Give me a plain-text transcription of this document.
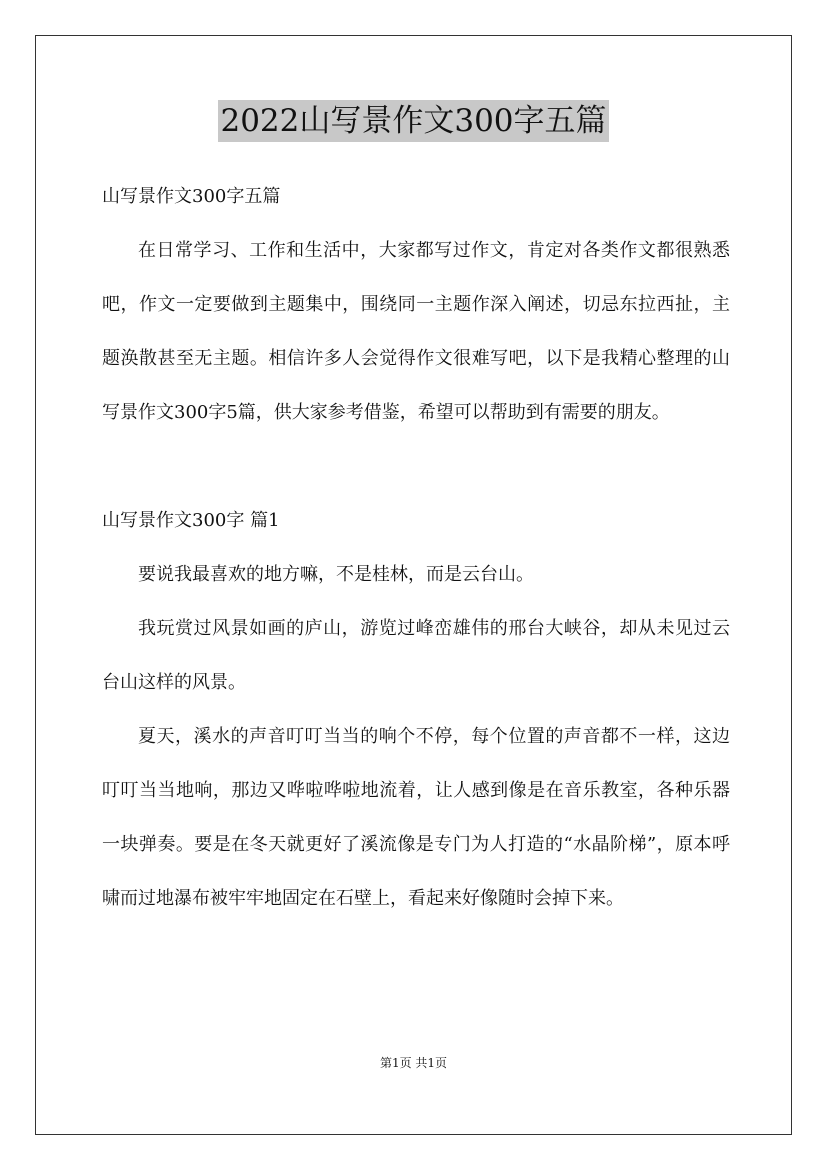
2022山写景作文300字五篇

山写景作文300字五篇

在日常学习、工作和生活中，大家都写过作文，肯定对各类作文都很熟悉吧，作文一定要做到主题集中，围绕同一主题作深入阐述，切忌东拉西扯，主题涣散甚至无主题。相信许多人会觉得作文很难写吧，以下是我精心整理的山写景作文300字5篇，供大家参考借鉴，希望可以帮助到有需要的朋友。

山写景作文300字 篇1

要说我最喜欢的地方嘛，不是桂林，而是云台山。

我玩赏过风景如画的庐山，游览过峰峦雄伟的邢台大峡谷，却从未见过云台山这样的风景。

夏天，溪水的声音叮叮当当的响个不停，每个位置的声音都不一样，这边叮叮当当地响，那边又哗啦哗啦地流着，让人感到像是在音乐教室，各种乐器一块弹奏。要是在冬天就更好了溪流像是专门为人打造的“水晶阶梯”，原本呼啸而过地瀑布被牢牢地固定在石壁上，看起来好像随时会掉下来。

第1页 共1页
